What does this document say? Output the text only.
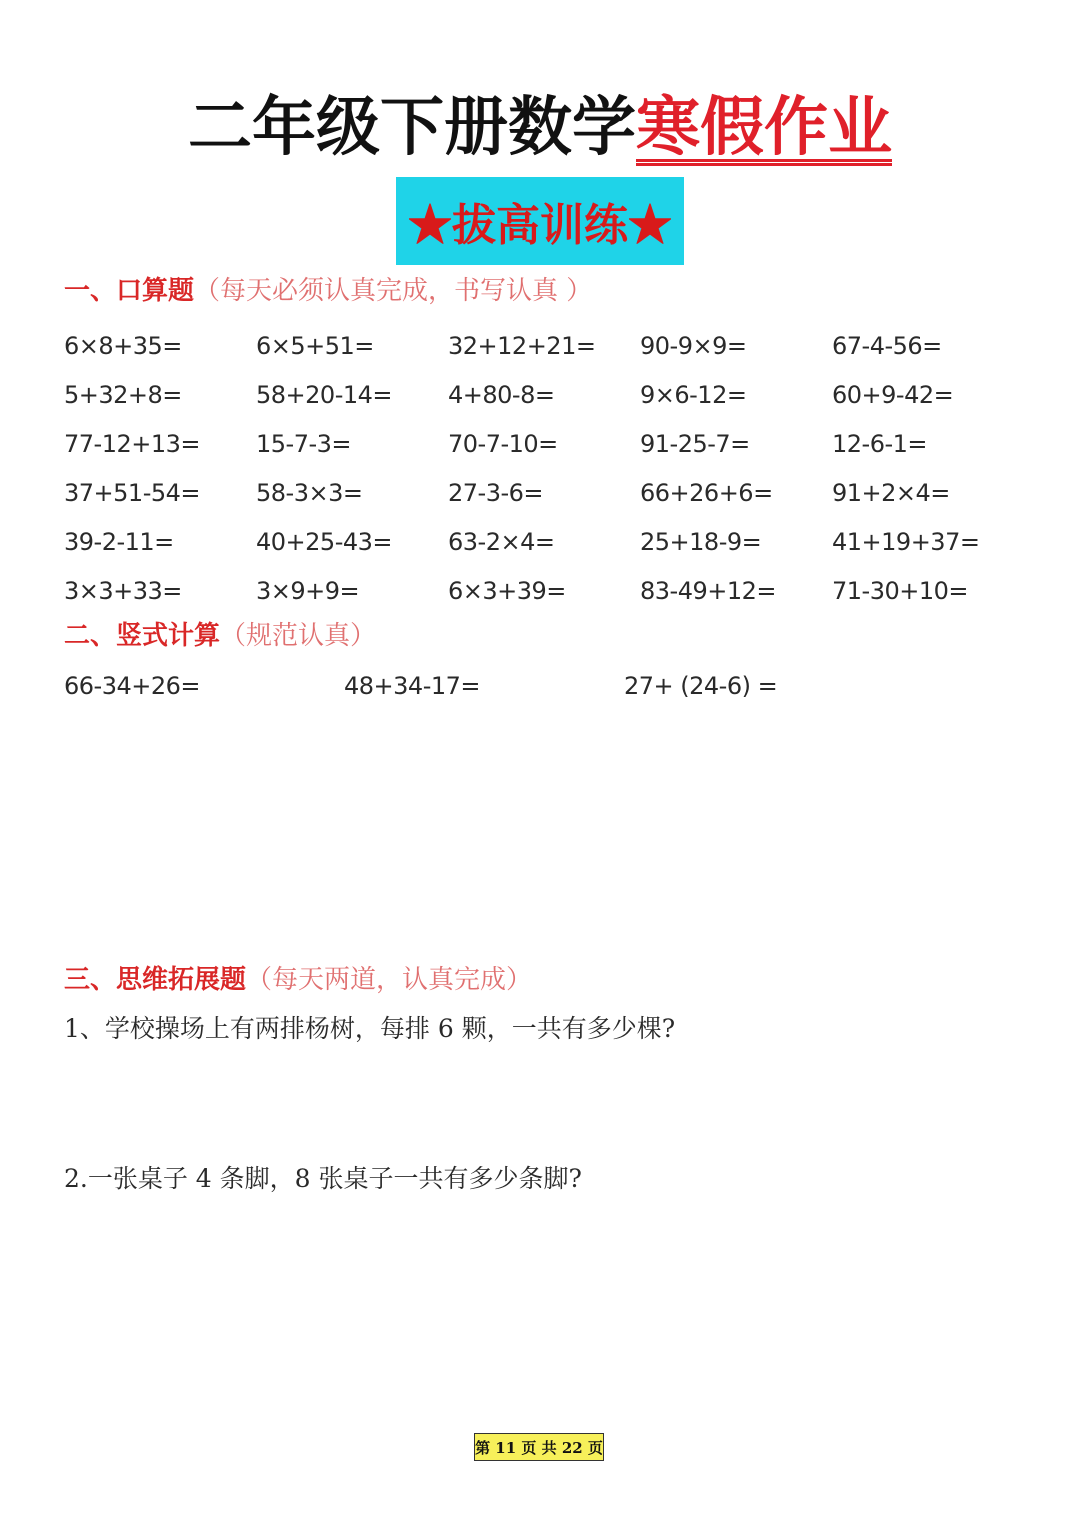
二年级下册数学寒假作业
★拔高训练★
一、口算题（每天必须认真完成，书写认真 ）
6×8+35=	6×5+51=	32+12+21=	90-9×9=	67-4-56=
5+32+8=	58+20-14=	4+80-8=	9×6-12=	60+9-42=
77-12+13=	15-7-3=	70-7-10=	91-25-7=	12-6-1=
37+51-54=	58-3×3=	27-3-6=	66+26+6=	91+2×4=
39-2-11=	40+25-43=	63-2×4=	25+18-9=	41+19+37=
3×3+33=	3×9+9=	6×3+39=	83-49+12=	71-30+10=
二、竖式计算（规范认真）
66-34+26=	48+34-17=	27+ (24-6) =
三、思维拓展题（每天两道，认真完成）
1、学校操场上有两排杨树，每排 6 颗，一共有多少棵?
2.一张桌子 4 条脚，8 张桌子一共有多少条脚?
第 11 页 共 22 页
